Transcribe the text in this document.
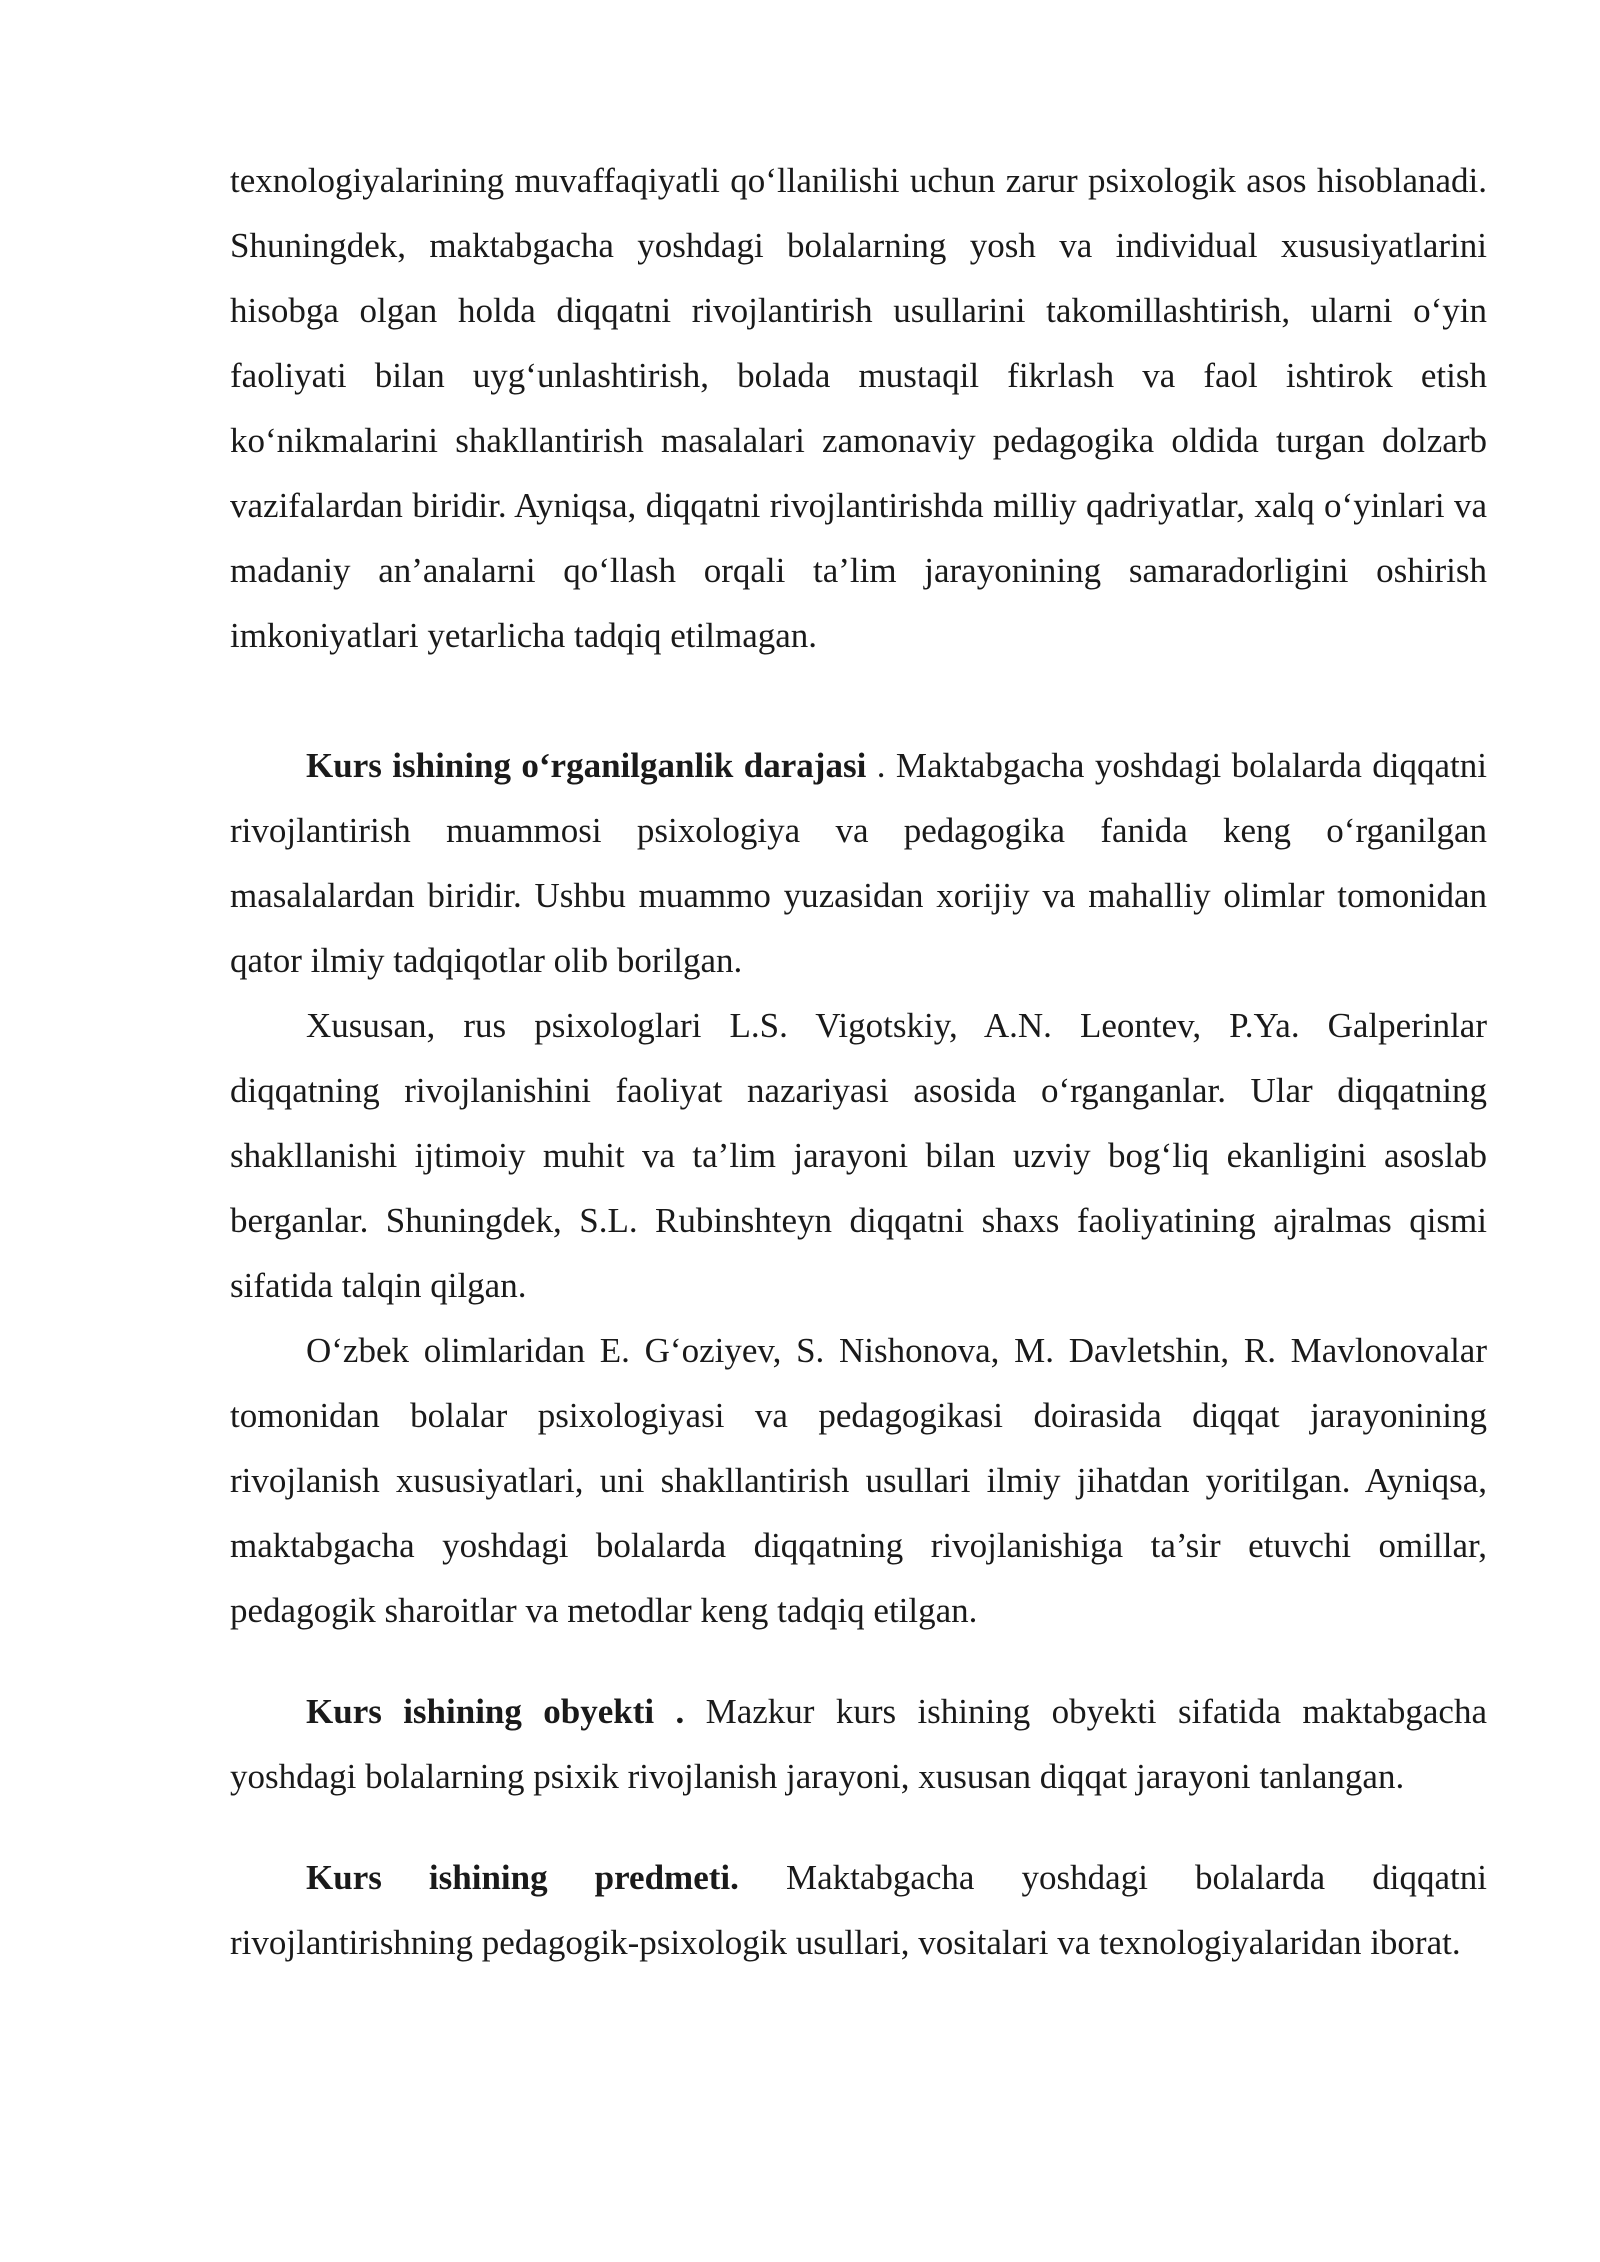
texnologiyalarining muvaffaqiyatli qo‘llanilishi uchun zarur psixologik asos hisoblanadi. Shuningdek, maktabgacha yoshdagi bolalarning yosh va individual xususiyatlarini hisobga olgan holda diqqatni rivojlantirish usullarini takomillashtirish, ularni o‘yin faoliyati bilan uyg‘unlashtirish, bolada mustaqil fikrlash va faol ishtirok etish ko‘nikmalarini shakllantirish masalalari zamonaviy pedagogika oldida turgan dolzarb vazifalardan biridir. Ayniqsa, diqqatni rivojlantirishda milliy qadriyatlar, xalq o‘yinlari va madaniy an’analarni qo‘llash orqali ta’lim jarayonining samaradorligini oshirish imkoniyatlari yetarlicha tadqiq etilmagan.

Kurs ishining o‘rganilganlik darajasi . Maktabgacha yoshdagi bolalarda diqqatni rivojlantirish muammosi psixologiya va pedagogika fanida keng o‘rganilgan masalalardan biridir. Ushbu muammo yuzasidan xorijiy va mahalliy olimlar tomonidan qator ilmiy tadqiqotlar olib borilgan.

Xususan, rus psixologlari L.S. Vigotskiy, A.N. Leontev, P.Ya. Galperinlar diqqatning rivojlanishini faoliyat nazariyasi asosida o‘rganganlar. Ular diqqatning shakllanishi ijtimoiy muhit va ta’lim jarayoni bilan uzviy bog‘liq ekanligini asoslab berganlar. Shuningdek, S.L. Rubinshteyn diqqatni shaxs faoliyatining ajralmas qismi sifatida talqin qilgan.

O‘zbek olimlaridan E. G‘oziyev, S. Nishonova, M. Davletshin, R. Mavlonovalar tomonidan bolalar psixologiyasi va pedagogikasi doirasida diqqat jarayonining rivojlanish xususiyatlari, uni shakllantirish usullari ilmiy jihatdan yoritilgan. Ayniqsa, maktabgacha yoshdagi bolalarda diqqatning rivojlanishiga ta’sir etuvchi omillar, pedagogik sharoitlar va metodlar keng tadqiq etilgan.

Kurs ishining obyekti . Mazkur kurs ishining obyekti sifatida maktabgacha yoshdagi bolalarning psixik rivojlanish jarayoni, xususan diqqat jarayoni tanlangan.

Kurs ishining predmeti. Maktabgacha yoshdagi bolalarda diqqatni rivojlantirishning pedagogik-psixologik usullari, vositalari va texnologiyalaridan iborat.
